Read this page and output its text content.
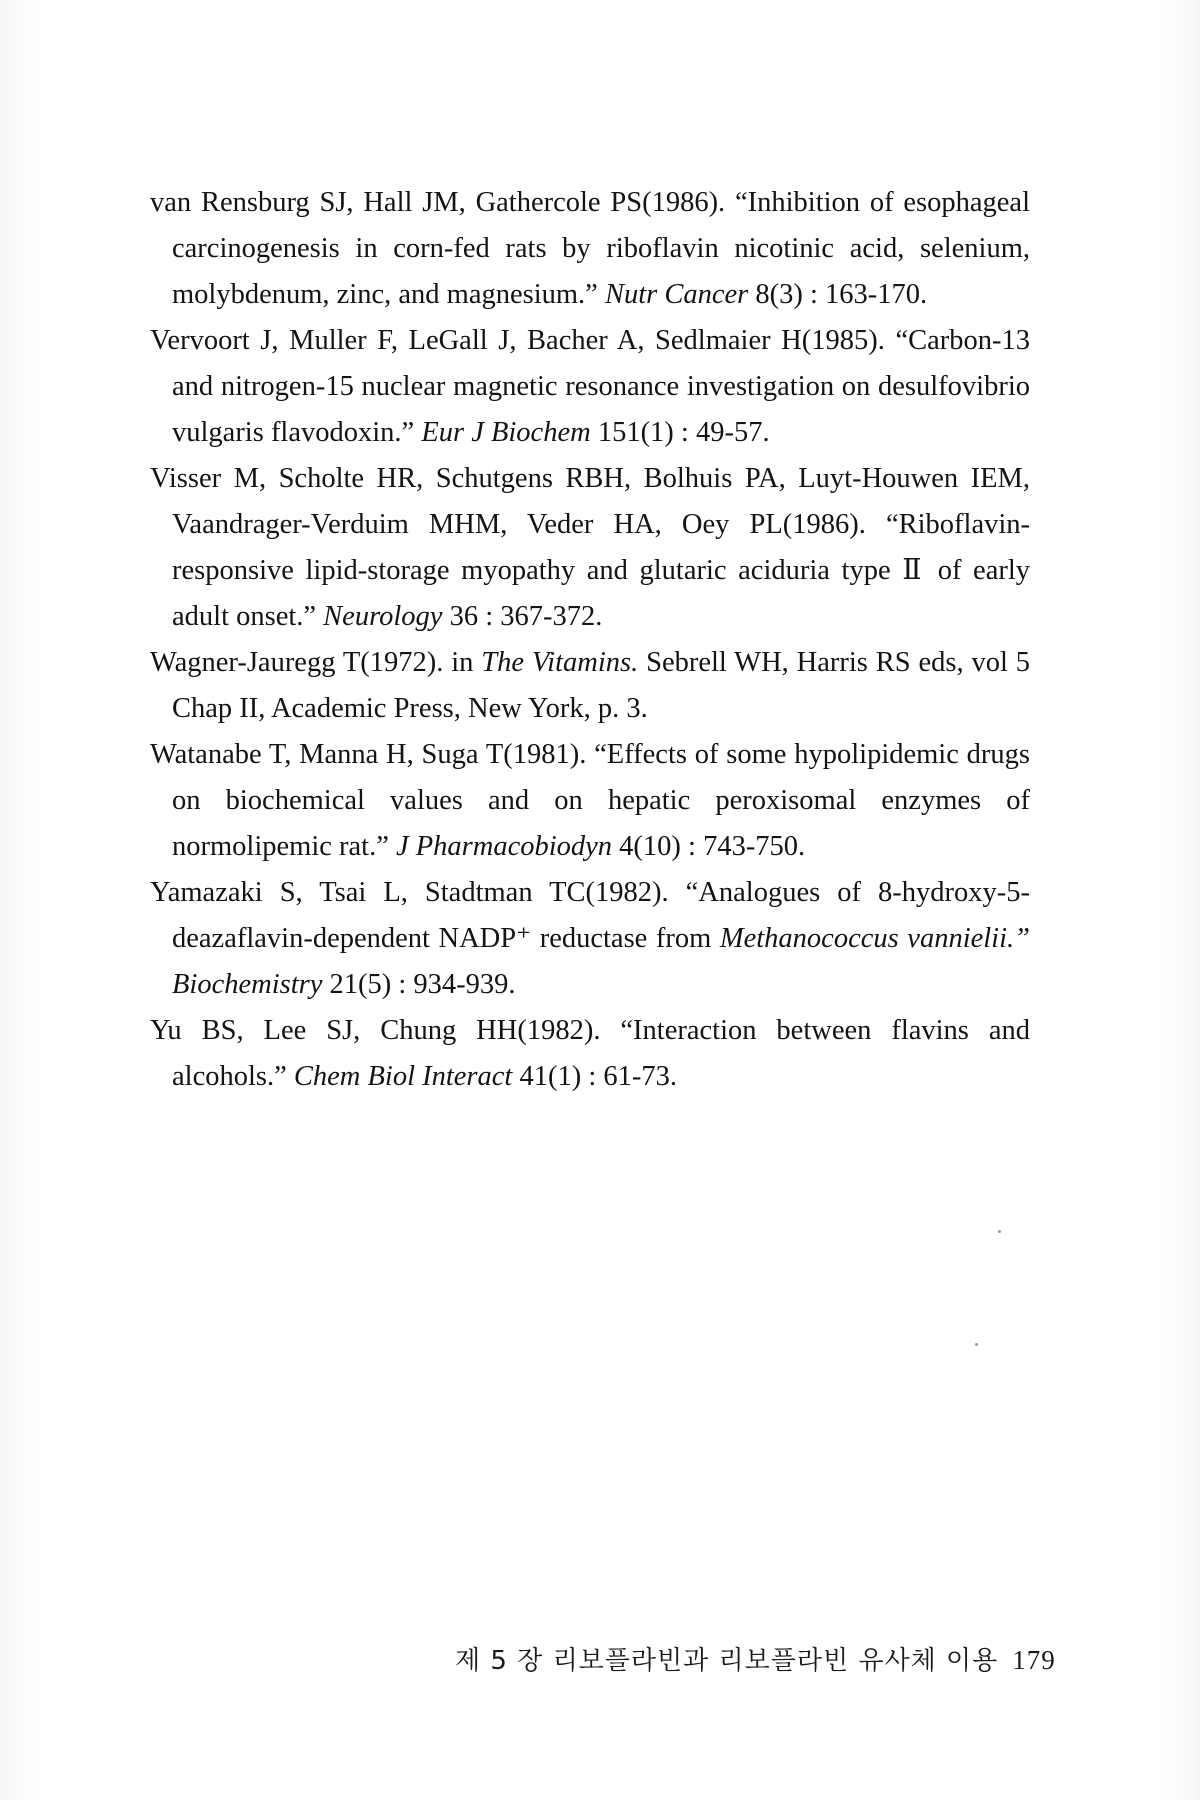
van Rensburg SJ, Hall JM, Gathercole PS(1986). “Inhibition of esophageal carcinogenesis in corn-fed rats by riboflavin nicotinic acid, selenium, molybdenum, zinc, and magnesium.” Nutr Cancer 8(3) : 163-170.
Vervoort J, Muller F, LeGall J, Bacher A, Sedlmaier H(1985). “Carbon-13 and nitrogen-15 nuclear magnetic resonance investigation on desulfovibrio vulgaris flavodoxin.” Eur J Biochem 151(1) : 49-57.
Visser M, Scholte HR, Schutgens RBH, Bolhuis PA, Luyt-Houwen IEM, Vaandrager-Verduim MHM, Veder HA, Oey PL(1986). “Riboflavin-responsive lipid-storage myopathy and glutaric aciduria type Ⅱ of early adult onset.” Neurology 36 : 367-372.
Wagner-Jauregg T(1972). in The Vitamins. Sebrell WH, Harris RS eds, vol 5 Chap II, Academic Press, New York, p. 3.
Watanabe T, Manna H, Suga T(1981). “Effects of some hypolipidemic drugs on biochemical values and on hepatic peroxisomal enzymes of normolipemic rat.” J Pharmacobiodyn 4(10) : 743-750.
Yamazaki S, Tsai L, Stadtman TC(1982). “Analogues of 8-hydroxy-5-deazaflavin-dependent NADP⁺ reductase from Methanococcus vannielii.” Biochemistry 21(5) : 934-939.
Yu BS, Lee SJ, Chung HH(1982). “Interaction between flavins and alcohols.” Chem Biol Interact 41(1) : 61-73.
제 5 장 리보플라빈과 리보플라빈 유사체 이용 179
